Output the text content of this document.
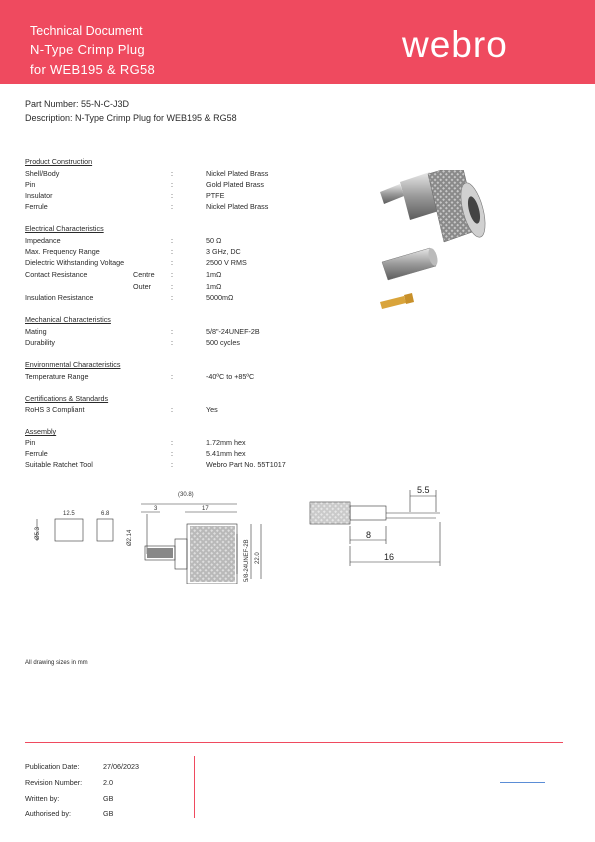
Technical Document
N-Type Crimp Plug
for WEB195 & RG58
webro
Part Number: 55-N-C-J3D
Description: N-Type Crimp Plug for WEB195 & RG58
Product Construction
Shell/Body	:	Nickel Plated Brass
Pin	:	Gold Plated Brass
Insulator	:	PTFE
Ferrule	:	Nickel Plated Brass
Electrical Characteristics
Impedance	:	50 Ω
Max. Frequency Range	:	3 GHz, DC
Dielectric Withstanding Voltage	:	2500 V RMS
Contact Resistance	Centre :	1mΩ
Outer	:	1mΩ
Insulation Resistance	:	5000mΩ
Mechanical Characteristics
Mating	:	5/8"-24UNEF-2B
Durability	:	500 cycles
Environmental Characteristics
Temperature Range	:	-40ºC to +85ºC
Certifications & Standards
RoHS 3 Compliant	:	Yes
Assembly
Pin	:	1.72mm hex
Ferrule	:	5.41mm hex
Suitable Ratchet Tool	:	Webro Part No. 55T1017
(30.8)
17
3
12.5	6.8
Ø5.3	Ø2.14
5/8-24UNEF-2B 22.0
5.5
8
16
All drawing sizes in mm
Publication Date:	27/06/2023
Revision Number:	2.0
Written by:	GB
Authorised by:	GB
